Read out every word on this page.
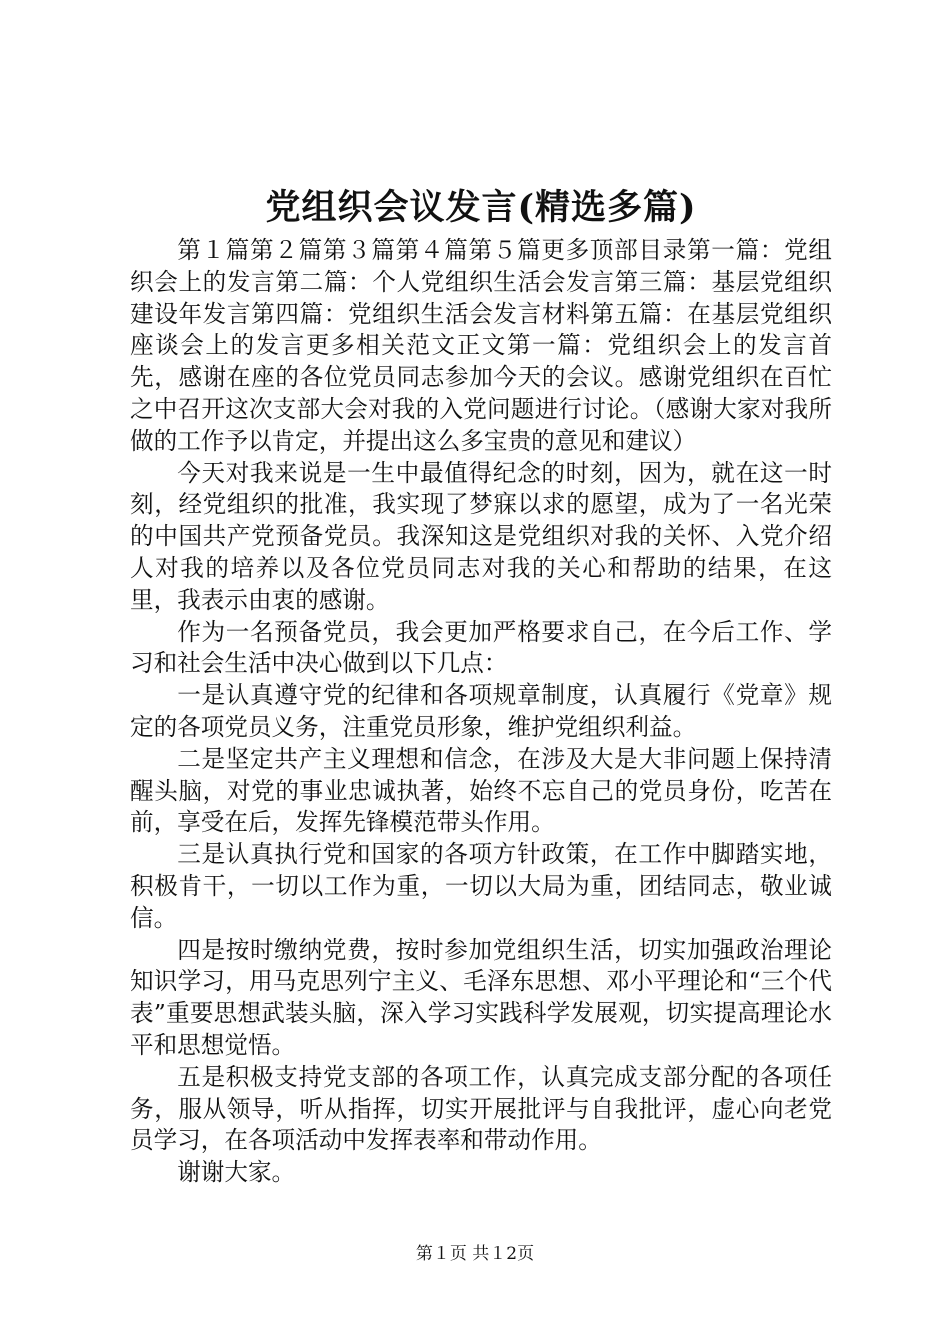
党组织会议发言(精选多篇)

第１篇第２篇第３篇第４篇第５篇更多顶部目录第一篇：党组织会上的发言第二篇：个人党组织生活会发言第三篇：基层党组织建设年发言第四篇：党组织生活会发言材料第五篇：在基层党组织座谈会上的发言更多相关范文正文第一篇：党组织会上的发言首先，感谢在座的各位党员同志参加今天的会议。感谢党组织在百忙之中召开这次支部大会对我的入党问题进行讨论。（感谢大家对我所做的工作予以肯定，并提出这么多宝贵的意见和建议）

今天对我来说是一生中最值得纪念的时刻，因为，就在这一时刻，经党组织的批准，我实现了梦寐以求的愿望，成为了一名光荣的中国共产党预备党员。我深知这是党组织对我的关怀、入党介绍人对我的培养以及各位党员同志对我的关心和帮助的结果，在这里，我表示由衷的感谢。

作为一名预备党员，我会更加严格要求自己，在今后工作、学习和社会生活中决心做到以下几点：

一是认真遵守党的纪律和各项规章制度，认真履行《党章》规定的各项党员义务，注重党员形象，维护党组织利益。

二是坚定共产主义理想和信念，在涉及大是大非问题上保持清醒头脑，对党的事业忠诚执著，始终不忘自己的党员身份，吃苦在前，享受在后，发挥先锋模范带头作用。

三是认真执行党和国家的各项方针政策，在工作中脚踏实地，积极肯干，一切以工作为重，一切以大局为重，团结同志，敬业诚信。

四是按时缴纳党费，按时参加党组织生活，切实加强政治理论知识学习，用马克思列宁主义、毛泽东思想、邓小平理论和“三个代表”重要思想武装头脑，深入学习实践科学发展观，切实提高理论水平和思想觉悟。

五是积极支持党支部的各项工作，认真完成支部分配的各项任务，服从领导，听从指挥，切实开展批评与自我批评，虚心向老党员学习，在各项活动中发挥表率和带动作用。

谢谢大家。

第１页 共１2页
